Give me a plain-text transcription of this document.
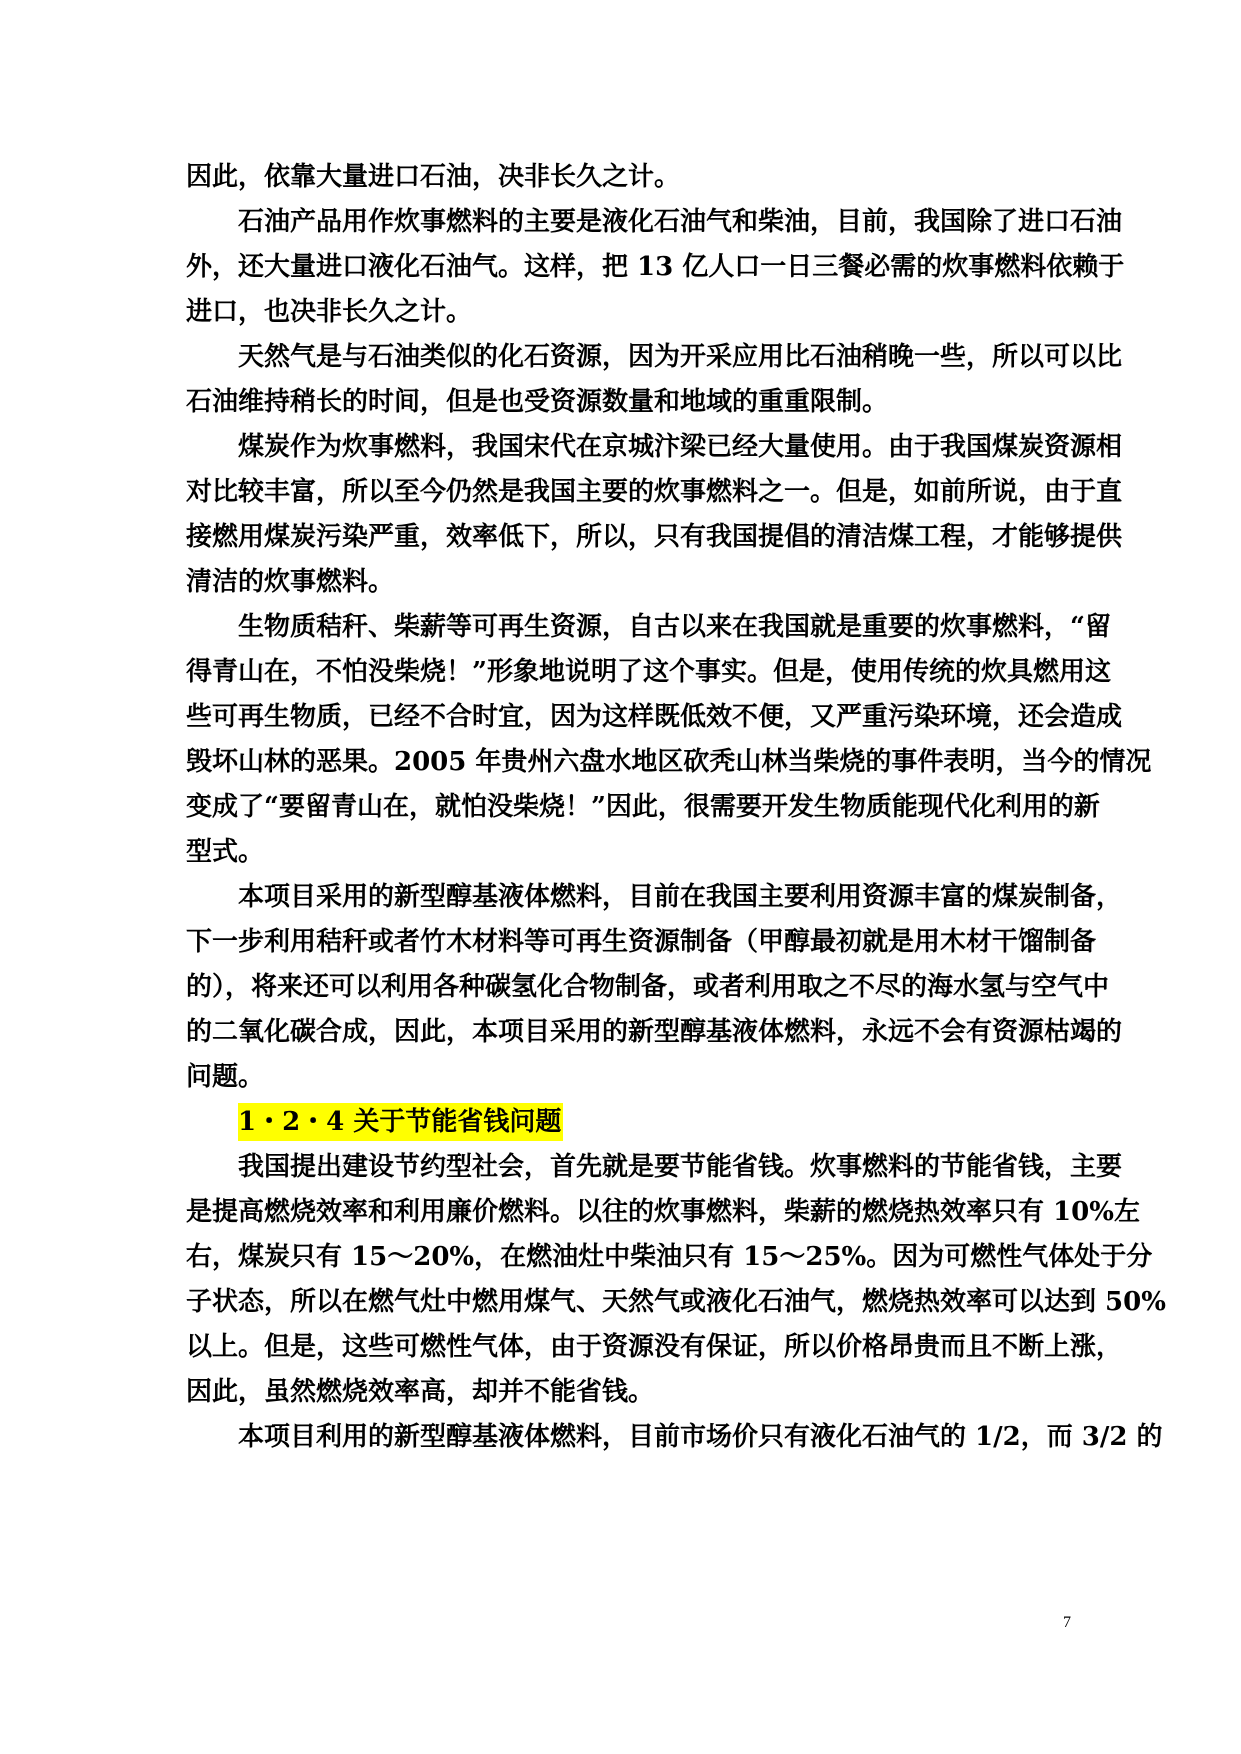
因此，依靠大量进口石油，决非长久之计。
石油产品用作炊事燃料的主要是液化石油气和柴油，目前，我国除了进口石油
外，还大量进口液化石油气。这样，把 13 亿人口一日三餐必需的炊事燃料依赖于
进口，也决非长久之计。
天然气是与石油类似的化石资源，因为开采应用比石油稍晚一些，所以可以比
石油维持稍长的时间，但是也受资源数量和地域的重重限制。
煤炭作为炊事燃料，我国宋代在京城汴梁已经大量使用。由于我国煤炭资源相
对比较丰富，所以至今仍然是我国主要的炊事燃料之一。但是，如前所说，由于直
接燃用煤炭污染严重，效率低下，所以，只有我国提倡的清洁煤工程，才能够提供
清洁的炊事燃料。
生物质秸秆、柴薪等可再生资源，自古以来在我国就是重要的炊事燃料，“留
得青山在，不怕没柴烧！”形象地说明了这个事实。但是，使用传统的炊具燃用这
些可再生物质，已经不合时宜，因为这样既低效不便，又严重污染环境，还会造成
毁坏山林的恶果。2005 年贵州六盘水地区砍秃山林当柴烧的事件表明，当今的情况
变成了“要留青山在，就怕没柴烧！”因此，很需要开发生物质能现代化利用的新
型式。
本项目采用的新型醇基液体燃料，目前在我国主要利用资源丰富的煤炭制备，
下一步利用秸秆或者竹木材料等可再生资源制备（甲醇最初就是用木材干馏制备
的），将来还可以利用各种碳氢化合物制备，或者利用取之不尽的海水氢与空气中
的二氧化碳合成，因此，本项目采用的新型醇基液体燃料，永远不会有资源枯竭的
问题。
1・2・4 关于节能省钱问题
我国提出建设节约型社会，首先就是要节能省钱。炊事燃料的节能省钱，主要
是提高燃烧效率和利用廉价燃料。以往的炊事燃料，柴薪的燃烧热效率只有 10%左
右，煤炭只有 15～20%，在燃油灶中柴油只有 15～25%。因为可燃性气体处于分
子状态，所以在燃气灶中燃用煤气、天然气或液化石油气，燃烧热效率可以达到 50%
以上。但是，这些可燃性气体，由于资源没有保证，所以价格昂贵而且不断上涨，
因此，虽然燃烧效率高，却并不能省钱。
本项目利用的新型醇基液体燃料，目前市场价只有液化石油气的 1/2，而 3/2 的
7
